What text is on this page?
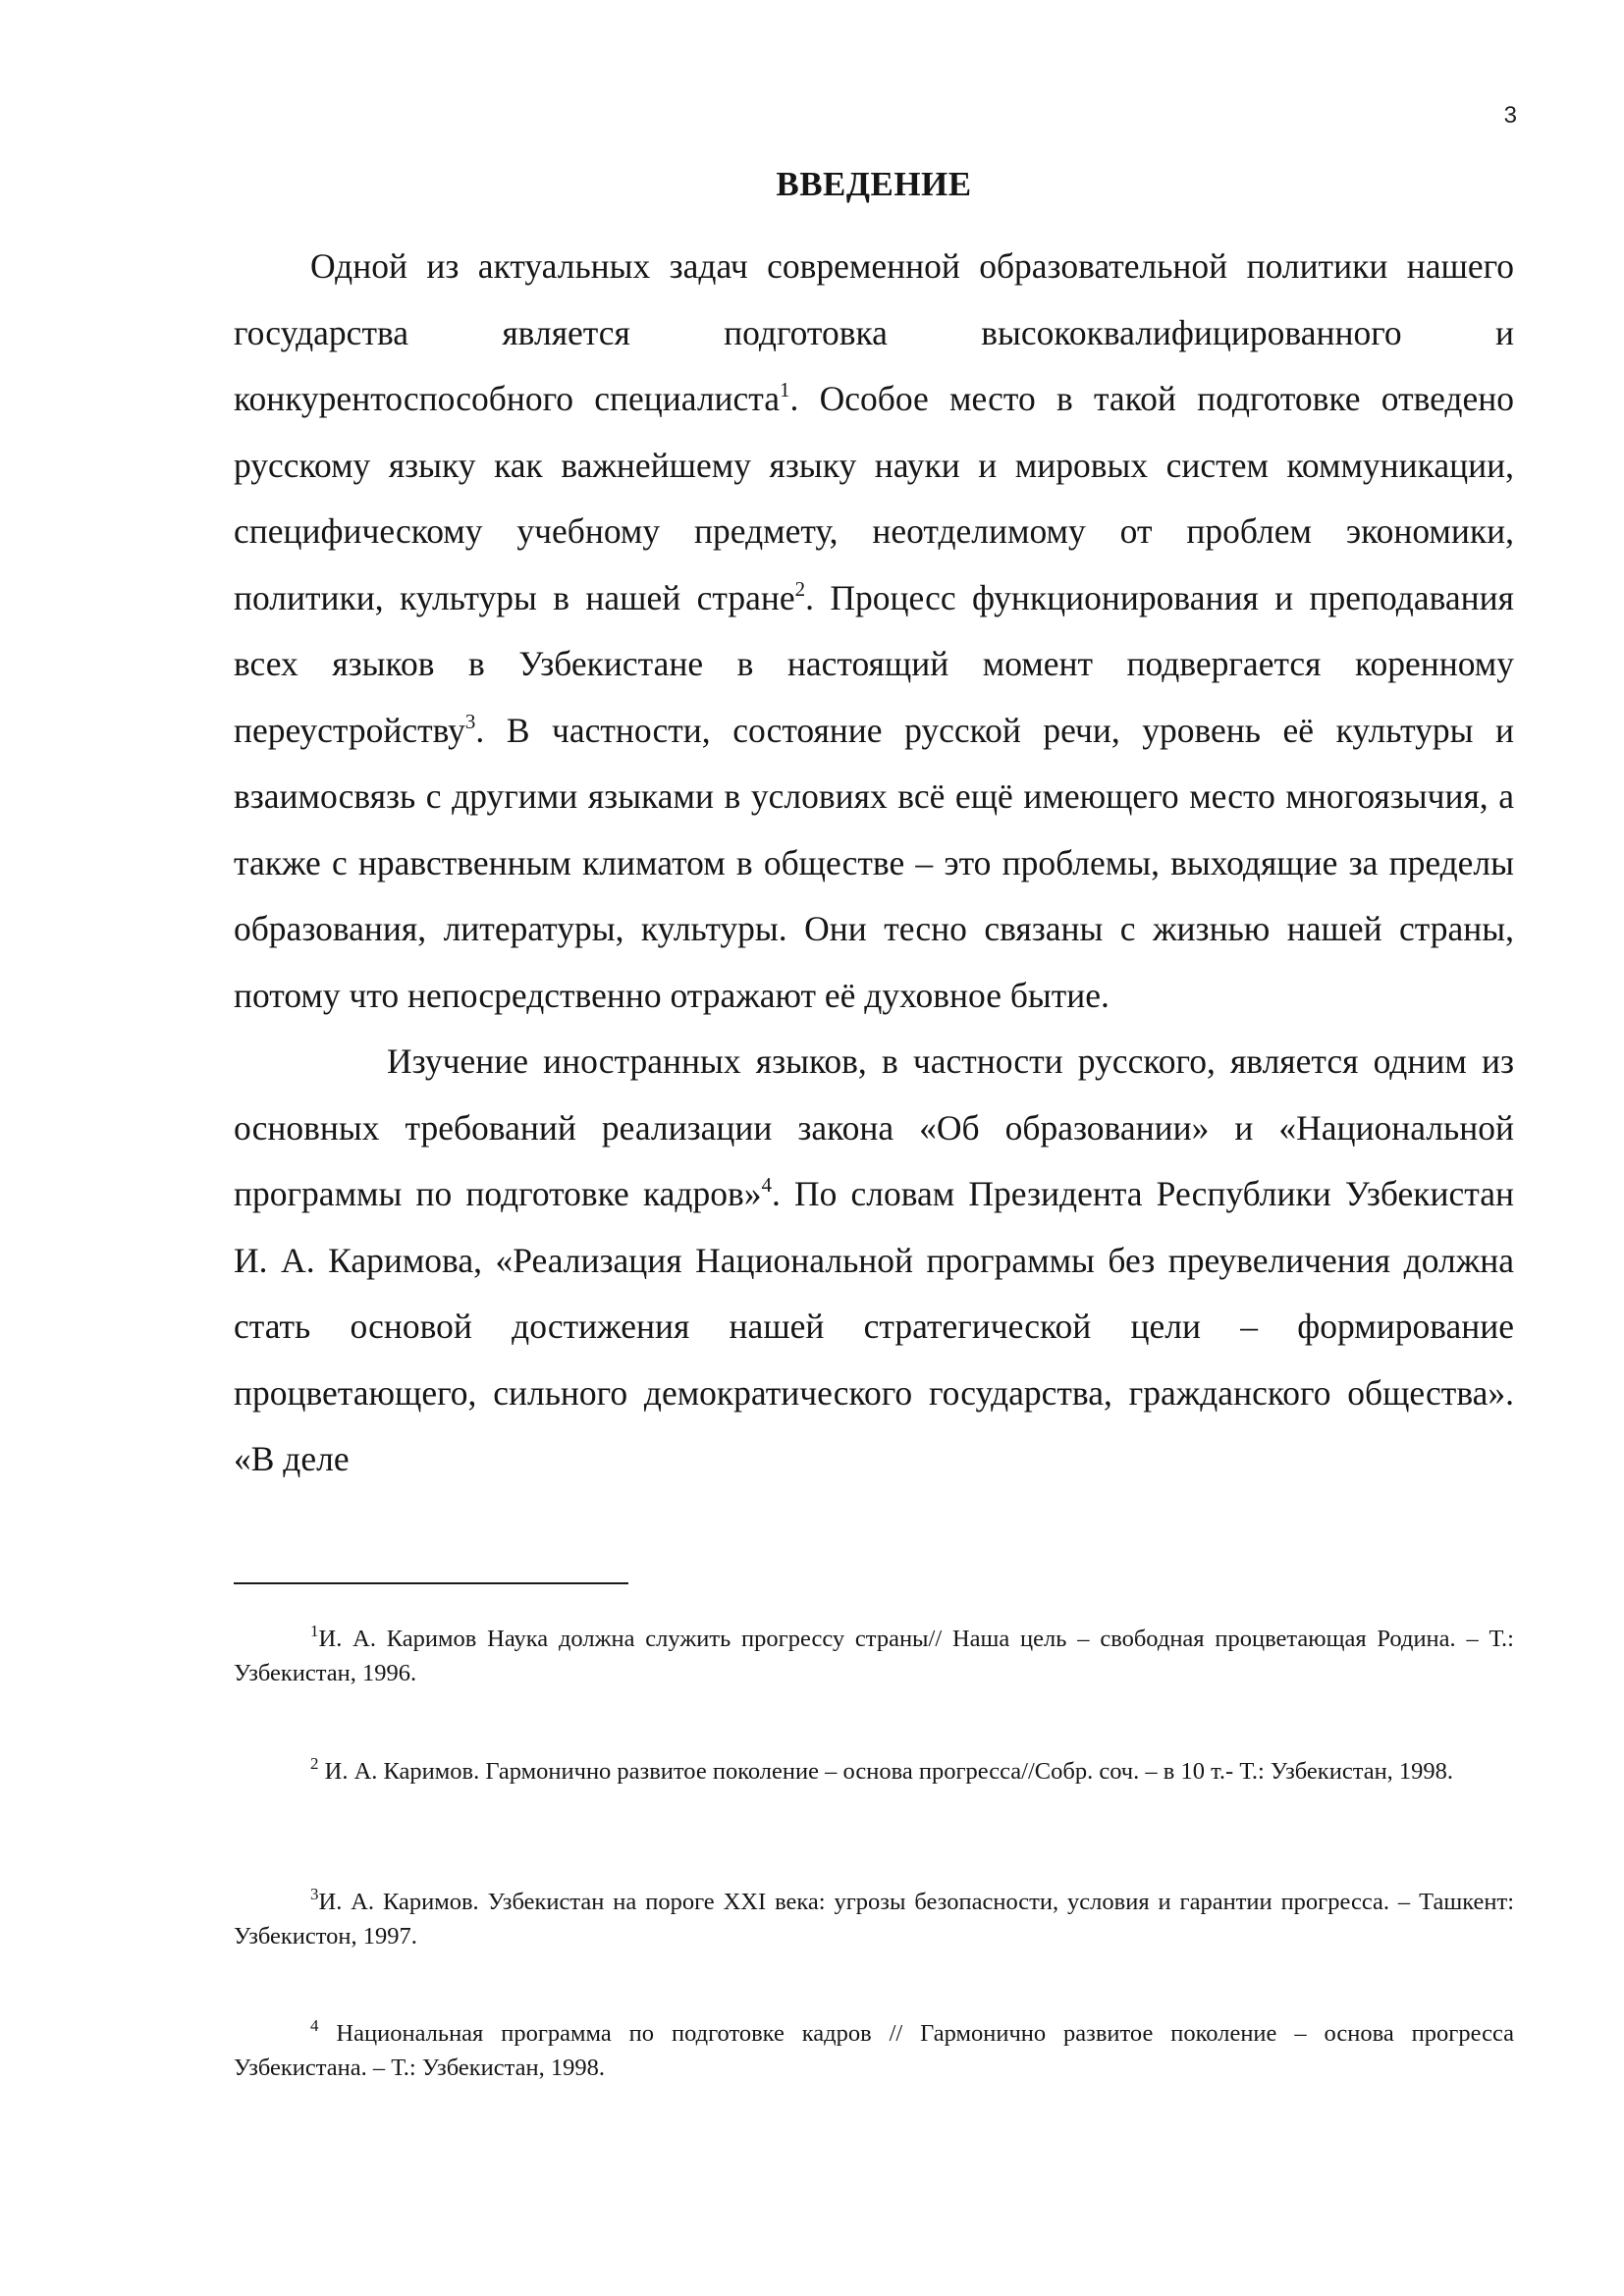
3
ВВЕДЕНИЕ

Одной из актуальных задач современной образовательной политики нашего государства является подготовка высококвалифицированного и конкурентоспособного специалиста$^1$. Особое место в такой подготовке отведено русскому языку как важнейшему языку науки и мировых систем коммуникации, специфическому учебному предмету, неотделимому от проблем экономики, политики, культуры в нашей стране$^2$. Процесс функционирования и преподавания всех языков в Узбекистане в настоящий момент подвергается коренному переустройству$^3$. В частности, состояние русской речи, уровень её культуры и взаимосвязь с другими языками в условиях всё ещё имеющего место многоязычия, а также с нравственным климатом в обществе – это проблемы, выходящие за пределы образования, литературы, культуры. Они тесно связаны с жизнью нашей страны, потому что непосредственно отражают её духовное бытие.

Изучение иностранных языков, в частности русского, является одним из основных требований реализации закона «Об образовании» и «Национальной программы по подготовке кадров»$^4$. По словам Президента Республики Узбекистан И. А. Каримова, «Реализация Национальной программы без преувеличения должна стать основой достижения нашей стратегической цели – формирование процветающего, сильного демократического государства, гражданского общества». «В деле

$^1$И. А. Каримов Наука должна служить прогрессу страны// Наша цель – свободная процветающая Родина. – Т.: Узбекистан, 1996.
$^2$ И. А. Каримов. Гармонично развитое поколение – основа прогресса//Собр. соч. – в 10 т.- Т.: Узбекистан, 1998.
$^3$И. А. Каримов. Узбекистан на пороге XXI века: угрозы безопасности, условия и гарантии прогресса. – Ташкент: Узбекистон, 1997.
$^4$ Национальная программа по подготовке кадров // Гармонично развитое поколение – основа прогресса Узбекистана. – Т.: Узбекистан, 1998.
